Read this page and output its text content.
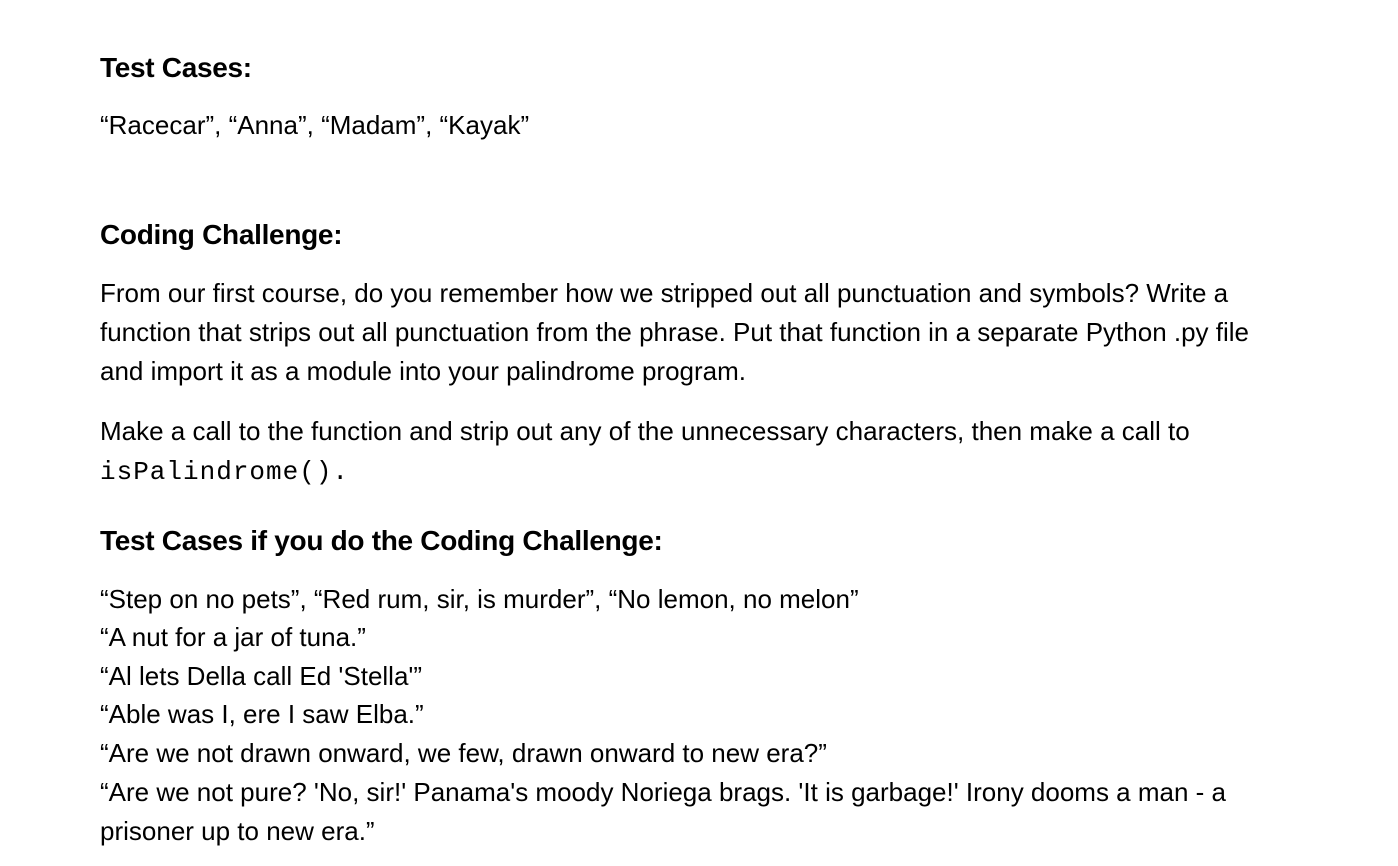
Test Cases:

“Racecar”, “Anna”, “Madam”, “Kayak”

Coding Challenge:

From our first course, do you remember how we stripped out all punctuation and symbols? Write a

function that strips out all punctuation from the phrase. Put that function in a separate Python .py file

and import it as a module into your palindrome program.

Make a call to the function and strip out any of the unnecessary characters, then make a call to

isPalindrome().

Test Cases if you do the Coding Challenge:

“Step on no pets”, “Red rum, sir, is murder”, “No lemon, no melon”

“A nut for a jar of tuna.”

“Al lets Della call Ed 'Stella'”

“Able was I, ere I saw Elba.”

“Are we not drawn onward, we few, drawn onward to new era?”

“Are we not pure? 'No, sir!' Panama's moody Noriega brags. 'It is garbage!' Irony dooms a man - a

prisoner up to new era.”
